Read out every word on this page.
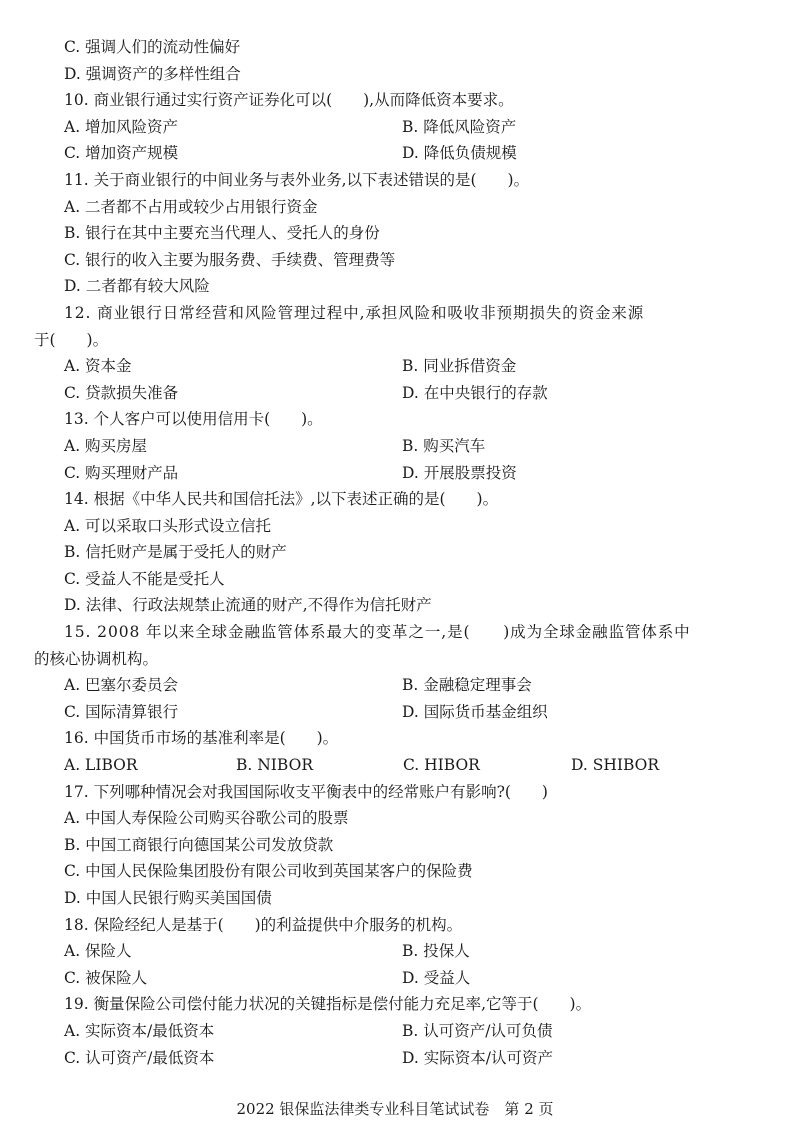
C. 强调人们的流动性偏好
D. 强调资产的多样性组合
10. 商业银行通过实行资产证券化可以(　　),从而降低资本要求。
A. 增加风险资产	B. 降低风险资产
C. 增加资产规模	D. 降低负债规模
11. 关于商业银行的中间业务与表外业务,以下表述错误的是(　　)。
A. 二者都不占用或较少占用银行资金
B. 银行在其中主要充当代理人、受托人的身份
C. 银行的收入主要为服务费、手续费、管理费等
D. 二者都有较大风险
12. 商业银行日常经营和风险管理过程中,承担风险和吸收非预期损失的资金来源
于(　　)。
A. 资本金	B. 同业拆借资金
C. 贷款损失准备	D. 在中央银行的存款
13. 个人客户可以使用信用卡(　　)。
A. 购买房屋	B. 购买汽车
C. 购买理财产品	D. 开展股票投资
14. 根据《中华人民共和国信托法》,以下表述正确的是(　　)。
A. 可以采取口头形式设立信托
B. 信托财产是属于受托人的财产
C. 受益人不能是受托人
D. 法律、行政法规禁止流通的财产,不得作为信托财产
15. 2008 年以来全球金融监管体系最大的变革之一,是(　　)成为全球金融监管体系中
的核心协调机构。
A. 巴塞尔委员会	B. 金融稳定理事会
C. 国际清算银行	D. 国际货币基金组织
16. 中国货币市场的基准利率是(　　)。
A. LIBOR	B. NIBOR	C. HIBOR	D. SHIBOR
17. 下列哪种情况会对我国国际收支平衡表中的经常账户有影响?(　　)
A. 中国人寿保险公司购买谷歌公司的股票
B. 中国工商银行向德国某公司发放贷款
C. 中国人民保险集团股份有限公司收到英国某客户的保险费
D. 中国人民银行购买美国国债
18. 保险经纪人是基于(　　)的利益提供中介服务的机构。
A. 保险人	B. 投保人
C. 被保险人	D. 受益人
19. 衡量保险公司偿付能力状况的关键指标是偿付能力充足率,它等于(　　)。
A. 实际资本/最低资本	B. 认可资产/认可负债
C. 认可资产/最低资本	D. 实际资本/认可资产
2022 银保监法律类专业科目笔试试卷　第 2 页
